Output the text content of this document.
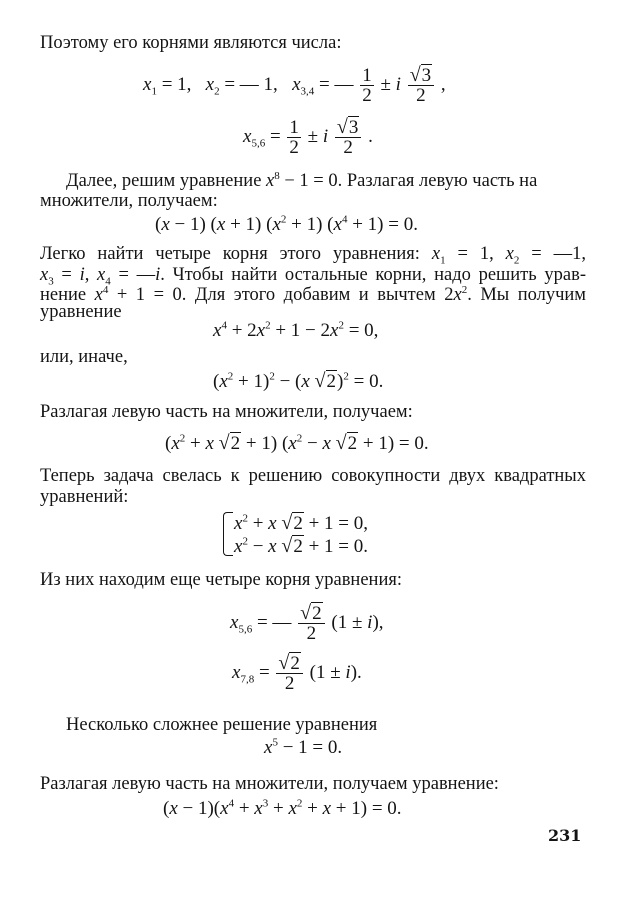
Поэтому его корнями являются числа:
$x_1 = 1$,   $x_2$ = — 1,   $x_{3,4}$ = — $\frac{1}{2} \pm i \frac{√3}{2}$ ,
$x_{5,6} = \frac{1}{2} \pm i \frac{√3}{2}$ .
Далее, решим уравнение $x^8 - 1 = 0$. Разлагая левую часть на
множители, получаем:
(x − 1) (x + 1) $(x^2 + 1) (x^4 + 1) = 0$.
Легко найти четыре корня этого уравнения: $x_1 = 1$, $x_2$ = —1,
$x_3 = i$, $x_4$ = —i. Чтобы найти остальные корни, надо решить урав-
нение $x^4 + 1 = 0$. Для этого добавим и вычтем $2x^2$. Мы получим
уравнение
$x^4 + 2x^2 + 1 - 2x^2 = 0$,
или, иначе,
$(x^2 + 1)^2 - (x$ √2)$^2$ = 0.
Разлагая левую часть на множители, получаем:
($x^2 + x$ √2 + 1) ($x^2 - x$ √2 + 1) = 0.
Теперь задача свелась к решению совокупности двух квадратных
уравнений:
$x^2 + x$ √2 + 1 = 0,
$x^2 - x$ √2 + 1 = 0.
Из них находим еще четыре корня уравнения:
$x_{5,6}$ = — $\frac{√2}{2} (1 \pm i)$,
$x_{7,8} = \frac{√2}{2} (1 \pm i)$.
Несколько сложнее решение уравнения
$x^5 - 1 = 0$.
Разлагая левую часть на множители, получаем уравнение:
$(x - 1)(x^4 + x^3 + x^2 + x + 1) = 0$.
231
